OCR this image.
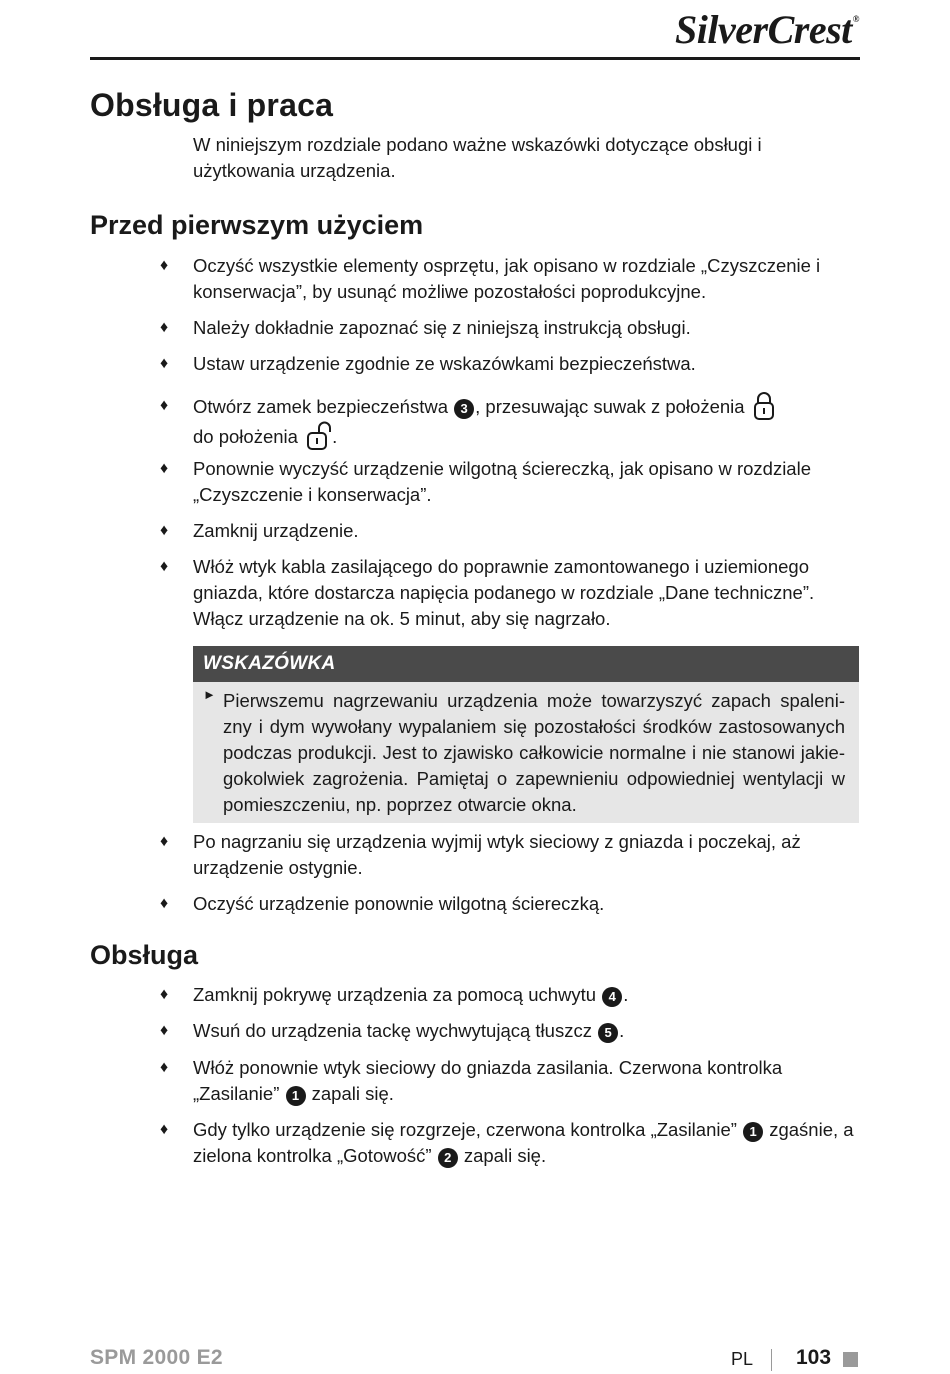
SilverCrest®
Obsługa i praca

W niniejszym rozdziale podano ważne wskazówki dotyczące obsługi i użytkowania urządzenia.

Przed pierwszym użyciem
♦ Oczyść wszystkie elementy osprzętu, jak opisano w rozdziale „Czyszczenie i konserwacja”, by usunąć możliwe pozostałości poprodukcyjne.
♦ Należy dokładnie zapoznać się z niniejszą instrukcją obsługi.
♦ Ustaw urządzenie zgodnie ze wskazówkami bezpieczeństwa.
♦ Otwórz zamek bezpieczeństwa 3 , przesuwając suwak z położenia
do położenia .
♦ Ponownie wyczyść urządzenie wilgotną ściereczką, jak opisano w rozdziale „Czyszczenie i konserwacja”.
♦ Zamknij urządzenie.
♦ Włóż wtyk kabla zasilającego do poprawnie zamontowanego i uziemionego gniazda, które dostarcza napięcia podanego w rozdziale „Dane techniczne”. Włącz urządzenie na ok. 5 minut, aby się nagrzało.
WSKAZÓWKA
► Pierwszemu nagrzewaniu urządzenia może towarzyszyć zapach spaleni-zny i dym wywołany wypalaniem się pozostałości środków zastosowanych podczas produkcji. Jest to zjawisko całkowicie normalne i nie stanowi jakie-gokolwiek zagrożenia. Pamiętaj o zapewnieniu odpowiedniej wentylacji w pomieszczeniu, np. poprzez otwarcie okna.
♦ Po nagrzaniu się urządzenia wyjmij wtyk sieciowy z gniazda i poczekaj, aż urządzenie ostygnie.
♦ Oczyść urządzenie ponownie wilgotną ściereczką.
Obsługa
♦ Zamknij pokrywę urządzenia za pomocą uchwytu 4 .
♦ Wsuń do urządzenia tackę wychwytującą tłuszcz 5 .
♦ Włóż ponownie wtyk sieciowy do gniazda zasilania. Czerwona kontrolka „Zasilanie” 1 zapali się.
♦ Gdy tylko urządzenie się rozgrzeje, czerwona kontrolka „Zasilanie” 1 zgaśnie, a zielona kontrolka „Gotowość” 2 zapali się.
SPM 2000 E2	PL 103
